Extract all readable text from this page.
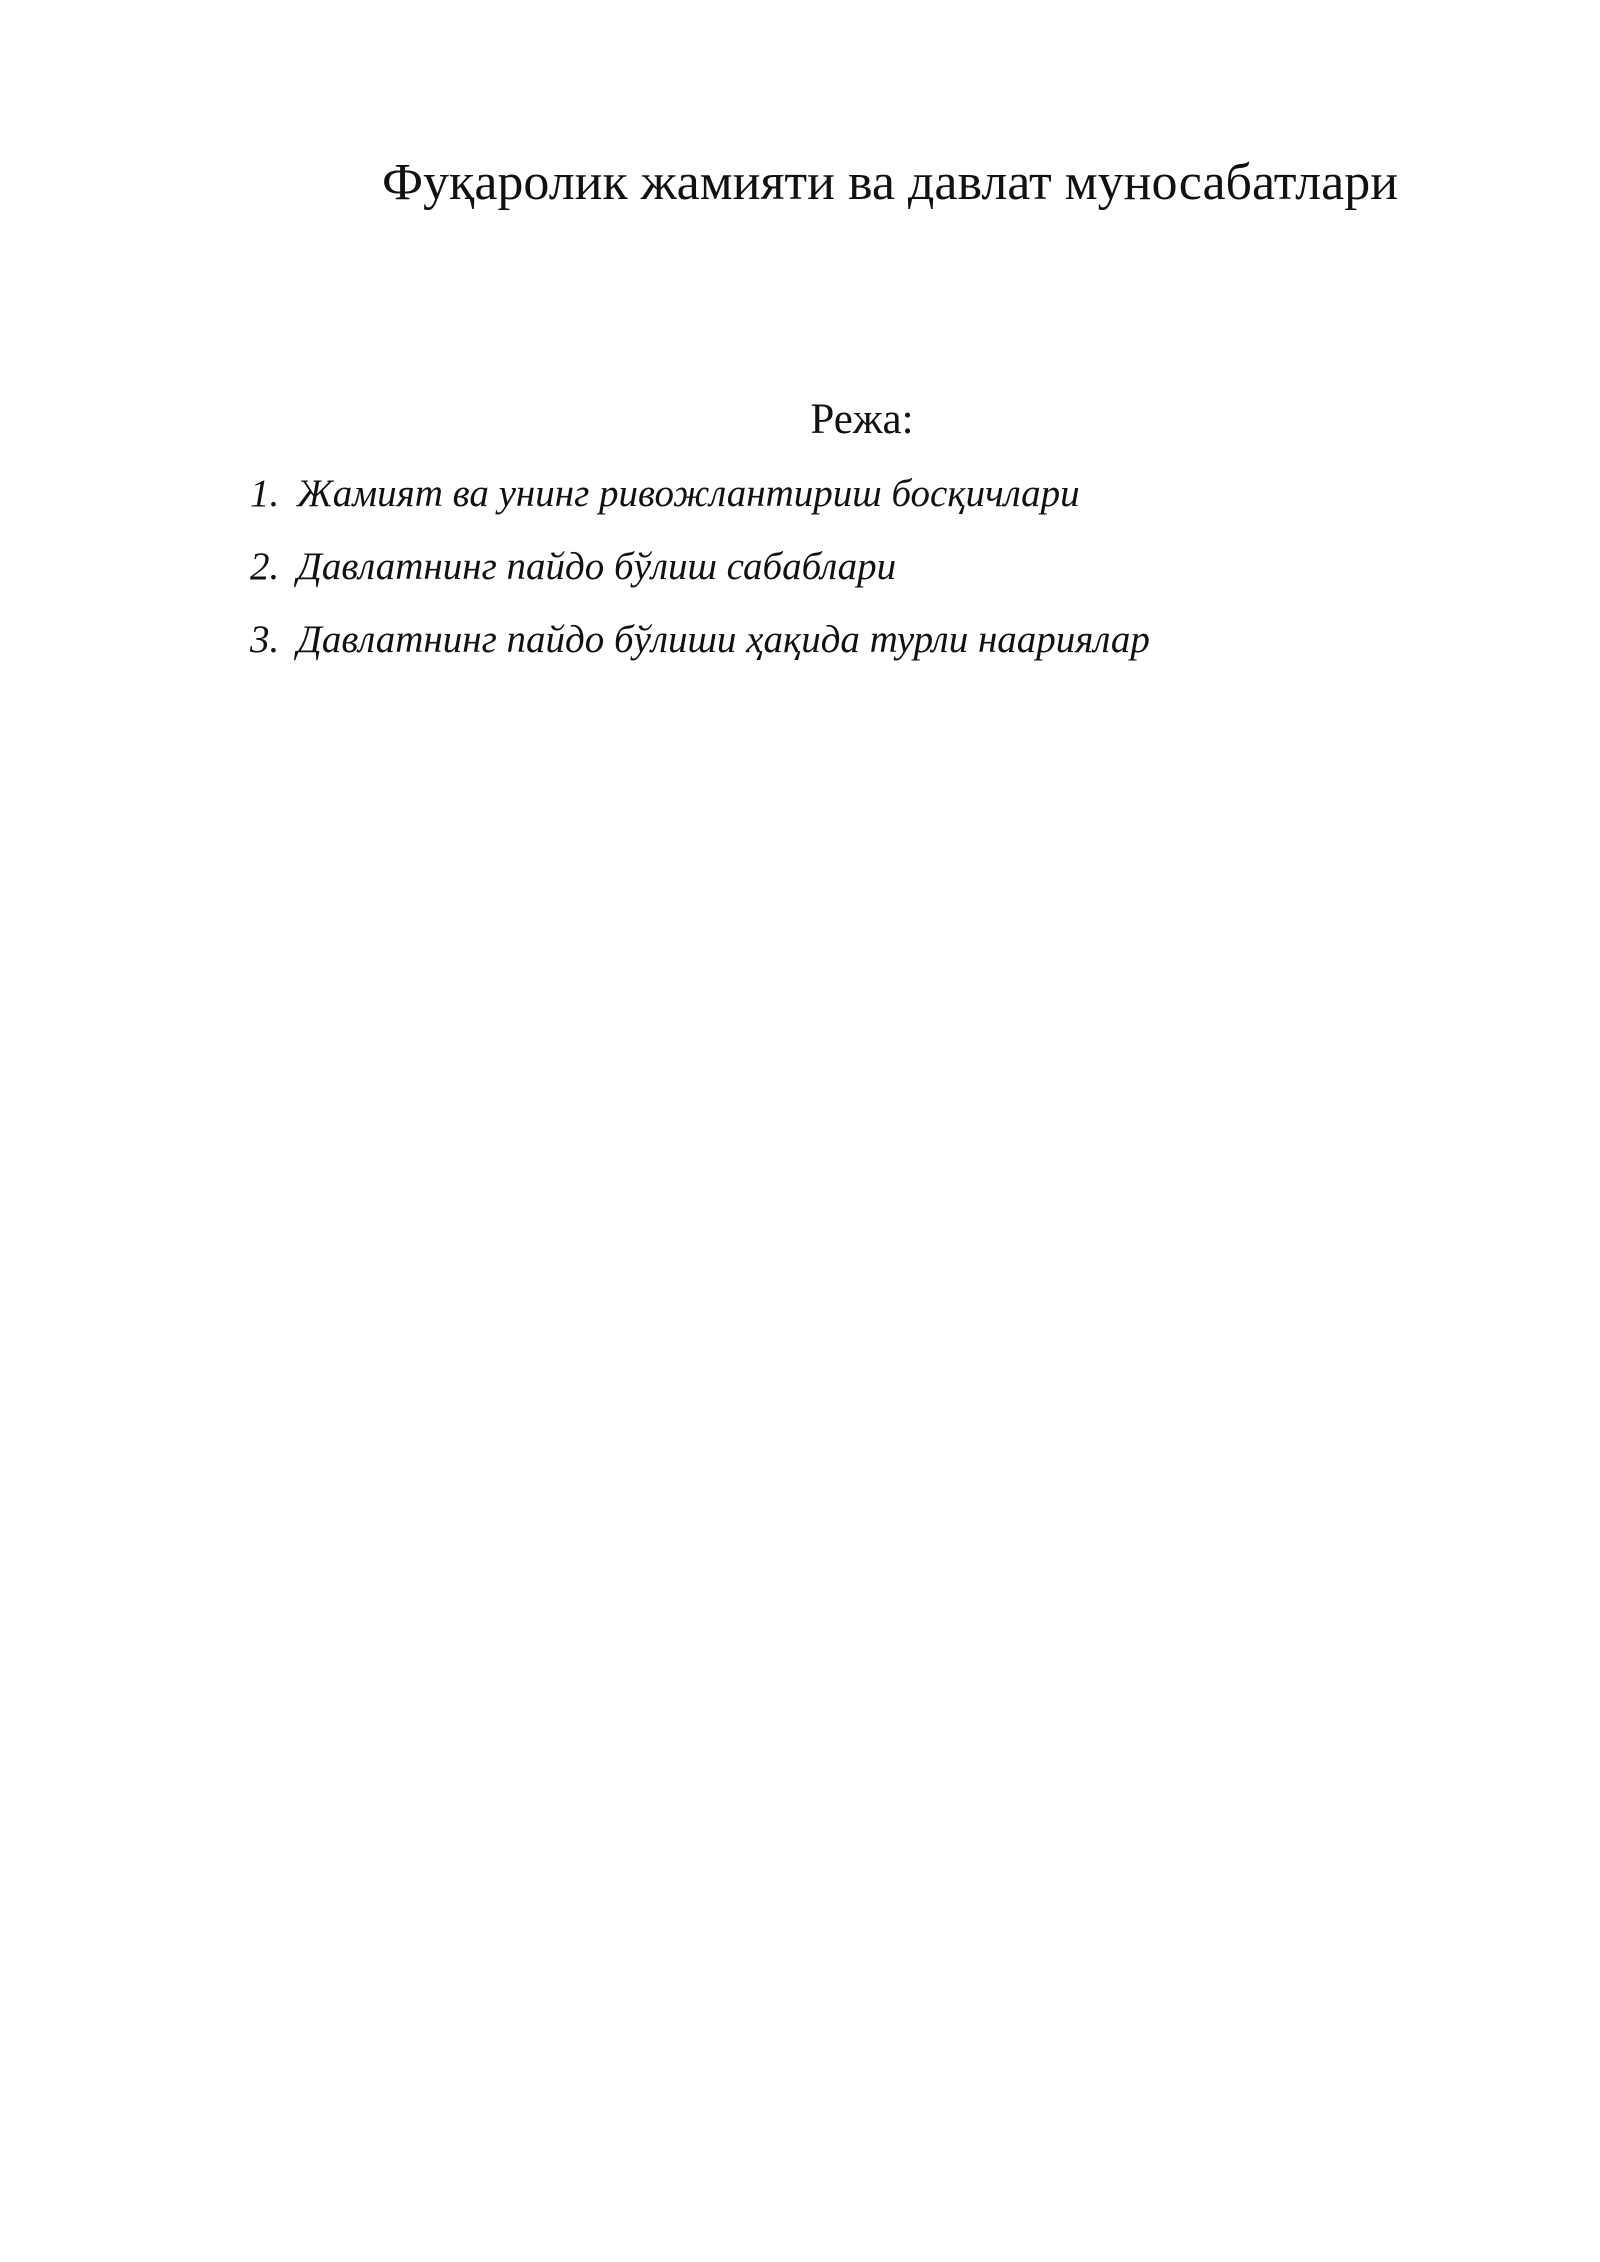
Фуқаролик жамияти ва давлат муносабатлари
Режа:
1. Жамият ва унинг ривожлантириш босқичлари
2. Давлатнинг пайдо бўлиш сабаблари
3. Давлатнинг пайдо бўлиши ҳақида турли наариялар
